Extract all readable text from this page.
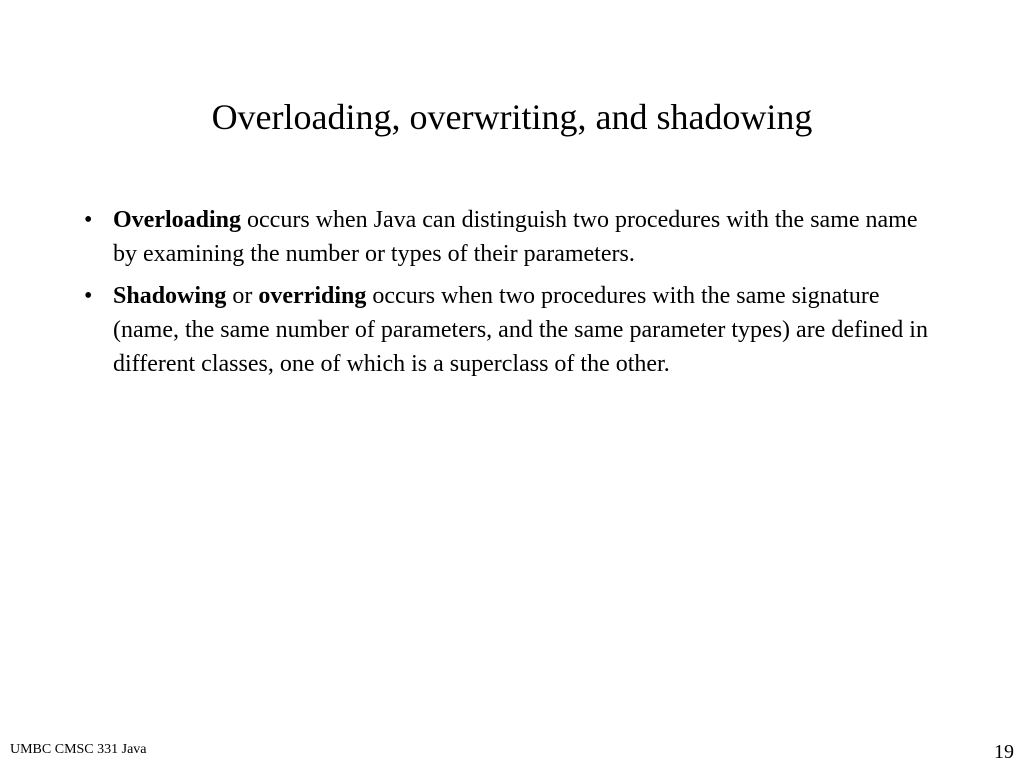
Overloading, overwriting, and shadowing
• Overloading occurs when Java can distinguish two procedures with the same name by examining the number or types of their parameters.
• Shadowing or overriding occurs when two procedures with the same signature (name, the same number of parameters, and the same parameter types) are defined in different classes, one of which is a superclass of the other.
UMBC CMSC 331 Java	19
